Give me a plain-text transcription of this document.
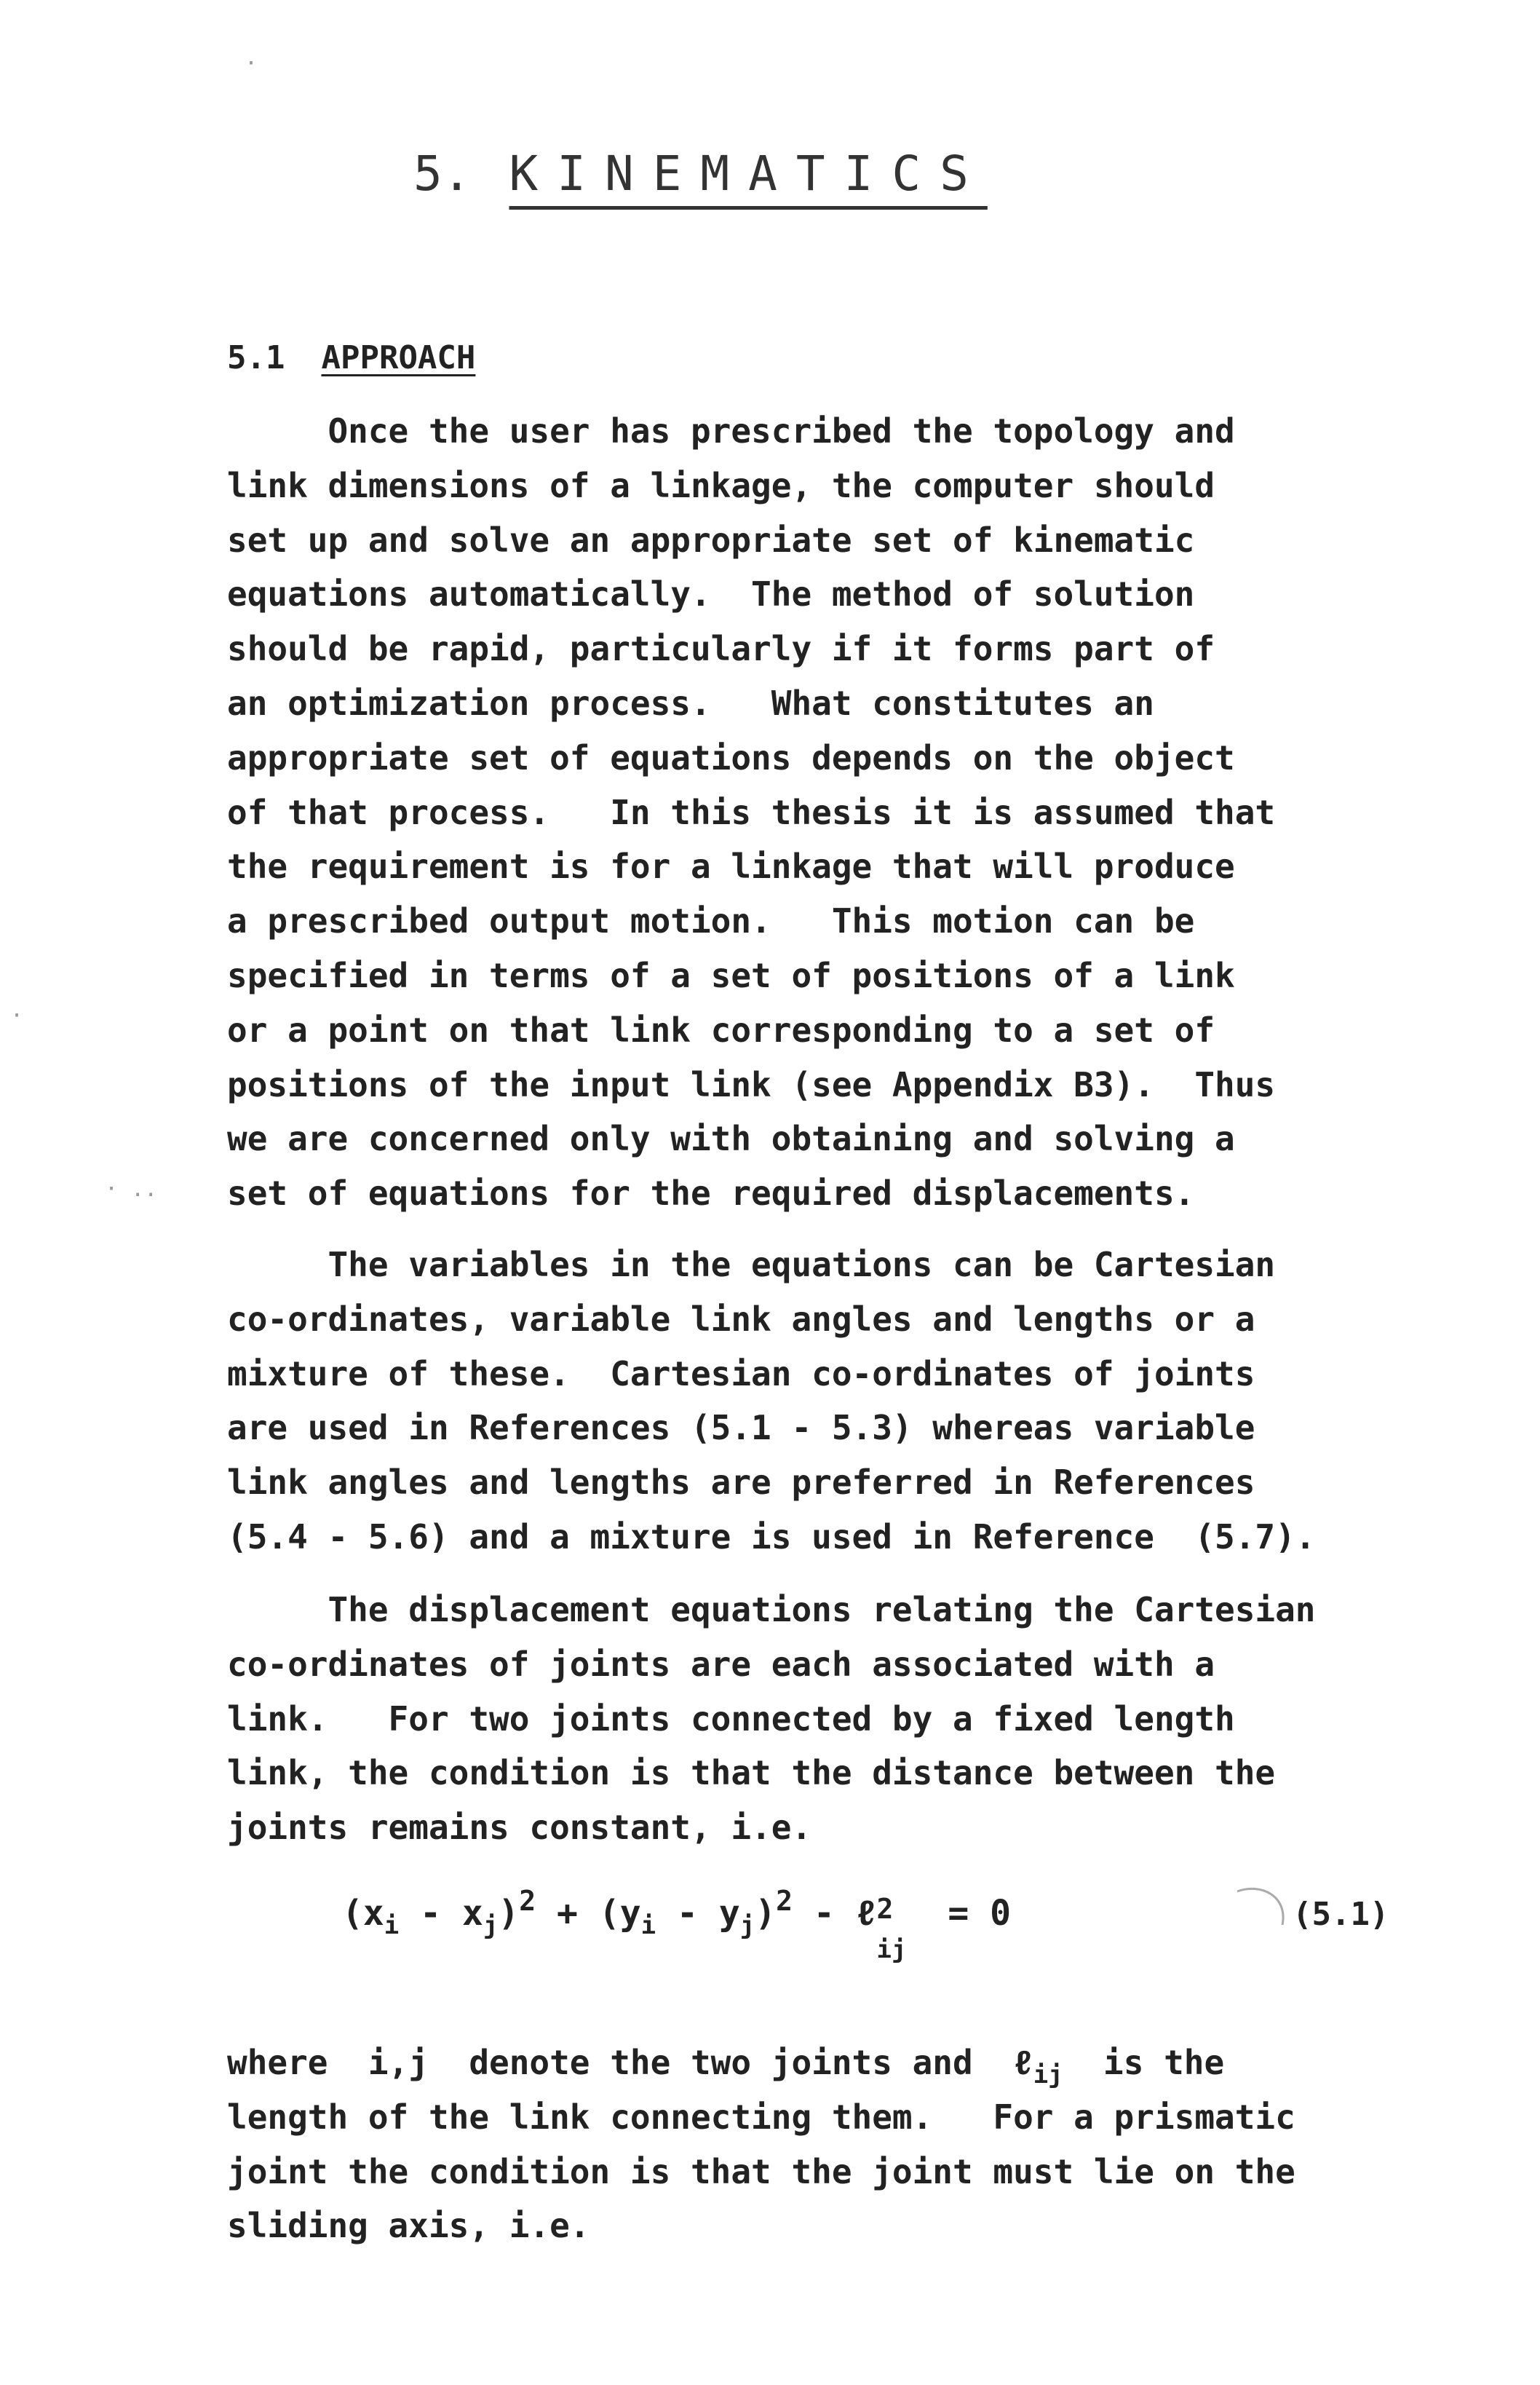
·
·
· ..
5. KINEMATICS
5.1 APPROACH

Once the user has prescribed the topology and
link dimensions of a linkage, the computer should
set up and solve an appropriate set of kinematic
equations automatically.  The method of solution
should be rapid, particularly if it forms part of
an optimization process.   What constitutes an
appropriate set of equations depends on the object
of that process.   In this thesis it is assumed that
the requirement is for a linkage that will produce
a prescribed output motion.   This motion can be
specified in terms of a set of positions of a link
or a point on that link corresponding to a set of
positions of the input link (see Appendix B3).  Thus
we are concerned only with obtaining and solving a
set of equations for the required displacements.

The variables in the equations can be Cartesian
co-ordinates, variable link angles and lengths or a
mixture of these.  Cartesian co-ordinates of joints
are used in References (5.1 - 5.3) whereas variable
link angles and lengths are preferred in References
(5.4 - 5.6) and a mixture is used in Reference  (5.7).

The displacement equations relating the Cartesian
co-ordinates of joints are each associated with a
link.   For two joints connected by a fixed length
link, the condition is that the distance between the
joints remains constant, i.e.

$(x_i - x_j)^2 + (y_i - y_j)^2$ - ℓ 2
ij
= 0	(5.1)

where  i,j  denote the two joints and  ℓ$_{ij}$  is the
length of the link connecting them.   For a prismatic
joint the condition is that the joint must lie on the
sliding axis, i.e.
